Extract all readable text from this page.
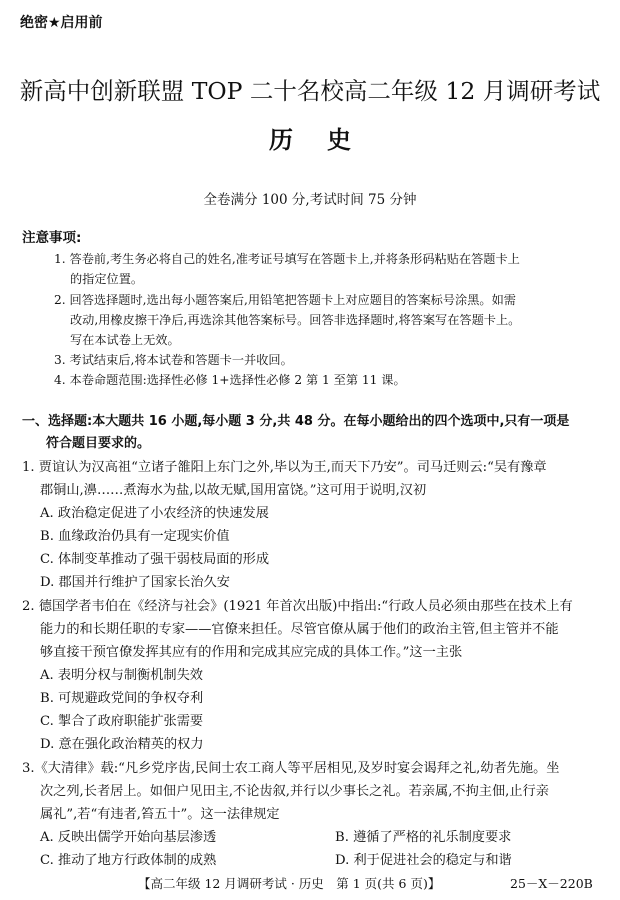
绝密★启用前
新高中创新联盟 TOP 二十名校高二年级 12 月调研考试
历史
全卷满分 100 分,考试时间 75 分钟
注意事项:
1. 答卷前,考生务必将自己的姓名,准考证号填写在答题卡上,并将条形码粘贴在答题卡上
的指定位置。
2. 回答选择题时,选出每小题答案后,用铅笔把答题卡上对应题目的答案标号涂黑。如需
改动,用橡皮擦干净后,再选涂其他答案标号。回答非选择题时,将答案写在答题卡上。
写在本试卷上无效。
3. 考试结束后,将本试卷和答题卡一并收回。
4. 本卷命题范围:选择性必修 1+选择性必修 2 第 1 至第 11 课。
一、选择题:本大题共 16 小题,每小题 3 分,共 48 分。在每小题给出的四个选项中,只有一项是
符合题目要求的。
1. 贾谊认为汉高祖“立诸子雒阳上东门之外,毕以为王,而天下乃安”。司马迁则云:“吴有豫章
郡铜山,濞……煮海水为盐,以故无赋,国用富饶。”这可用于说明,汉初
A. 政治稳定促进了小农经济的快速发展
B. 血缘政治仍具有一定现实价值
C. 体制变革推动了强干弱枝局面的形成
D. 郡国并行维护了国家长治久安
2. 德国学者韦伯在《经济与社会》(1921 年首次出版)中指出:“行政人员必须由那些在技术上有
能力的和长期任职的专家——官僚来担任。尽管官僚从属于他们的政治主管,但主管并不能
够直接干预官僚发挥其应有的作用和完成其应完成的具体工作。”这一主张
A. 表明分权与制衡机制失效
B. 可规避政党间的争权夺利
C. 掣合了政府职能扩张需要
D. 意在强化政治精英的权力
3.《大清律》载:“凡乡党序齿,民间士农工商人等平居相见,及岁时宴会谒拜之礼,幼者先施。坐
次之列,长者居上。如佃户见田主,不论齿叙,并行以少事长之礼。若亲属,不拘主佃,止行亲
属礼”,若“有违者,笞五十”。这一法律规定
A. 反映出儒学开始向基层渗透	B. 遵循了严格的礼乐制度要求
C. 推动了地方行政体制的成熟	D. 利于促进社会的稳定与和谐
【高二年级 12 月调研考试 · 历史　第 1 页(共 6 页)】	25－X－220B
